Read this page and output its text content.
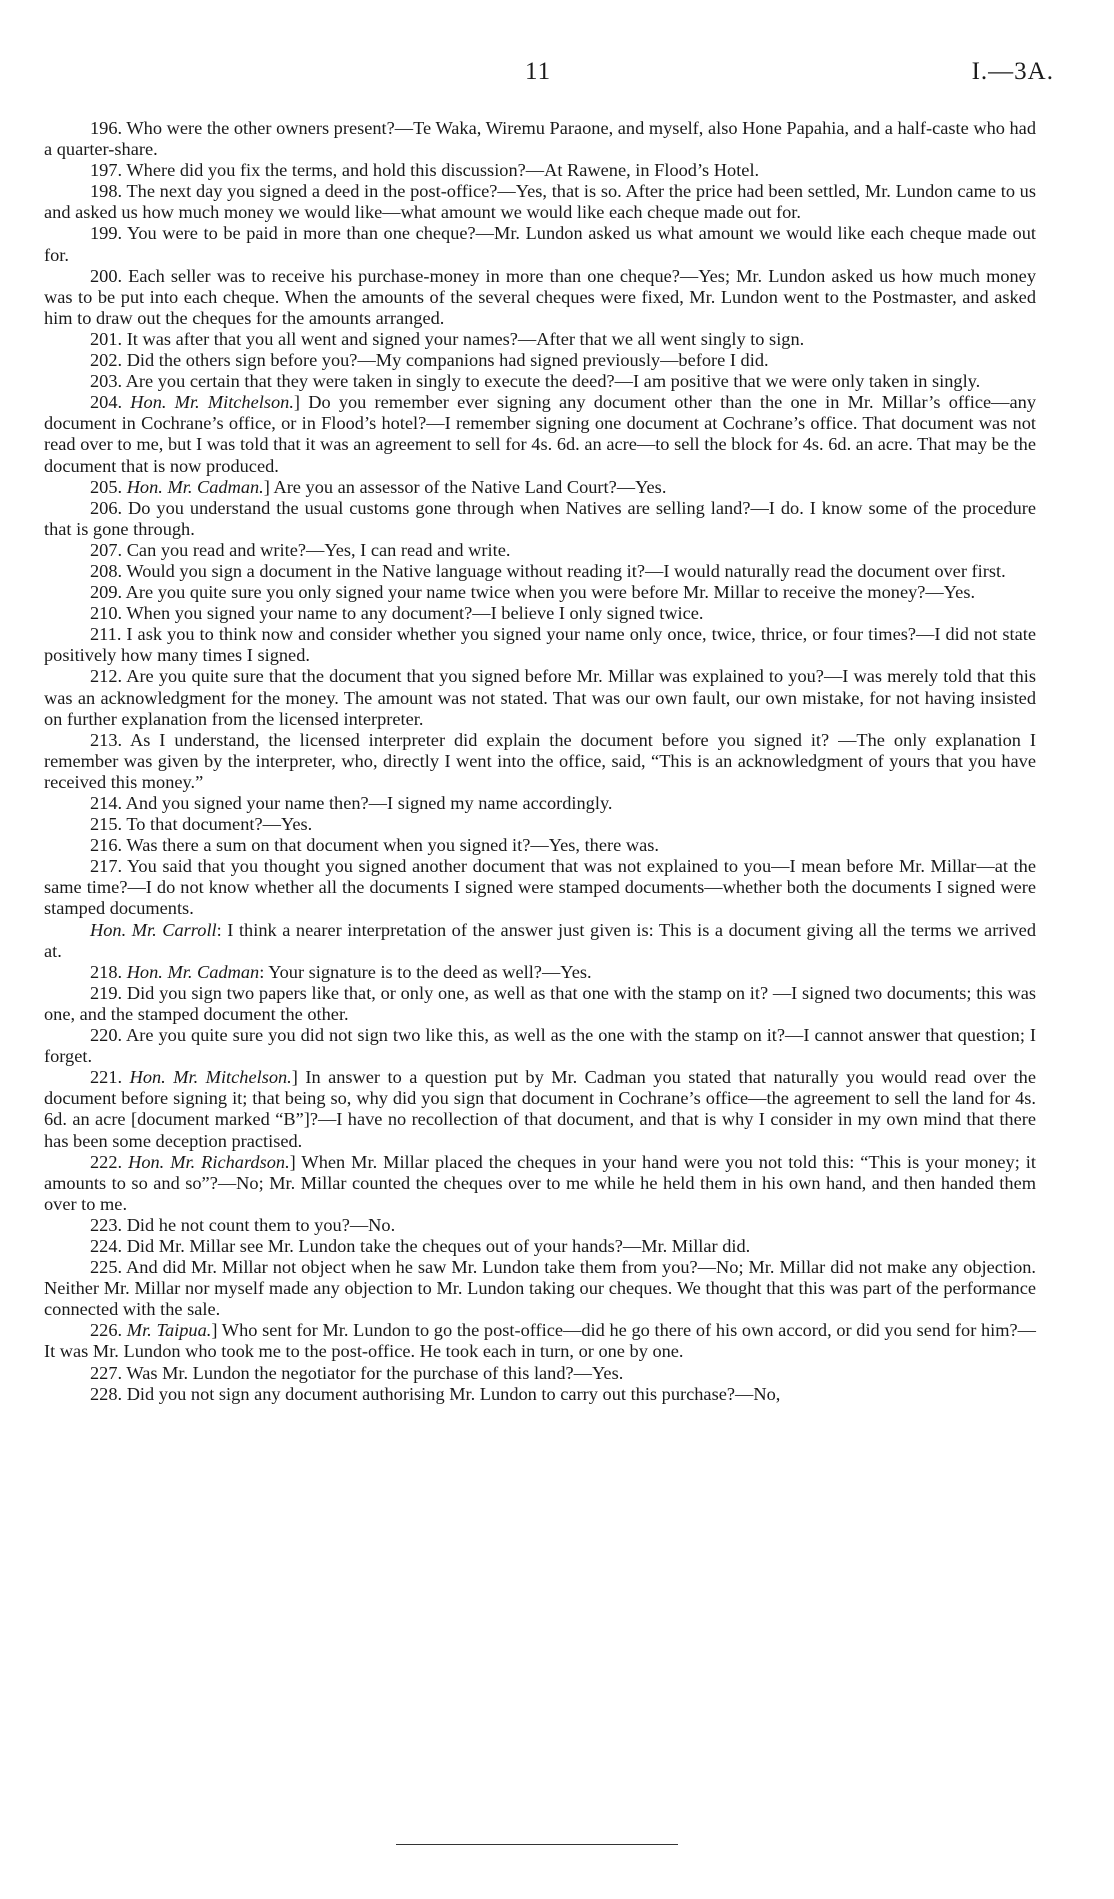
11	I.—3A.

196. Who were the other owners present?—Te Waka, Wiremu Paraone, and myself, also Hone Papahia, and a half-caste who had a quarter-share.

197. Where did you fix the terms, and hold this discussion?—At Rawene, in Flood’s Hotel.

198. The next day you signed a deed in the post-office?—Yes, that is so. After the price had been settled, Mr. Lundon came to us and asked us how much money we would like—what amount we would like each cheque made out for.

199. You were to be paid in more than one cheque?—Mr. Lundon asked us what amount we would like each cheque made out for.

200. Each seller was to receive his purchase-money in more than one cheque?—Yes; Mr. Lundon asked us how much money was to be put into each cheque. When the amounts of the several cheques were fixed, Mr. Lundon went to the Postmaster, and asked him to draw out the cheques for the amounts arranged.

201. It was after that you all went and signed your names?—After that we all went singly to sign.

202. Did the others sign before you?—My companions had signed previously—before I did.

203. Are you certain that they were taken in singly to execute the deed?—I am positive that we were only taken in singly.

204. Hon. Mr. Mitchelson.] Do you remember ever signing any document other than the one in Mr. Millar’s office—any document in Cochrane’s office, or in Flood’s hotel?—I remember signing one document at Cochrane’s office. That document was not read over to me, but I was told that it was an agreement to sell for 4s. 6d. an acre—to sell the block for 4s. 6d. an acre. That may be the document that is now produced.

205. Hon. Mr. Cadman.] Are you an assessor of the Native Land Court?—Yes.

206. Do you understand the usual customs gone through when Natives are selling land?—I do. I know some of the procedure that is gone through.

207. Can you read and write?—Yes, I can read and write.

208. Would you sign a document in the Native language without reading it?—I would naturally read the document over first.

209. Are you quite sure you only signed your name twice when you were before Mr. Millar to receive the money?—Yes.

210. When you signed your name to any document?—I believe I only signed twice.

211. I ask you to think now and consider whether you signed your name only once, twice, thrice, or four times?—I did not state positively how many times I signed.

212. Are you quite sure that the document that you signed before Mr. Millar was explained to you?—I was merely told that this was an acknowledgment for the money. The amount was not stated. That was our own fault, our own mistake, for not having insisted on further explanation from the licensed interpreter.

213. As I understand, the licensed interpreter did explain the document before you signed it? —The only explanation I remember was given by the interpreter, who, directly I went into the office, said, “This is an acknowledgment of yours that you have received this money.”

214. And you signed your name then?—I signed my name accordingly.

215. To that document?—Yes.

216. Was there a sum on that document when you signed it?—Yes, there was.

217. You said that you thought you signed another document that was not explained to you—I mean before Mr. Millar—at the same time?—I do not know whether all the documents I signed were stamped documents—whether both the documents I signed were stamped documents.

Hon. Mr. Carroll: I think a nearer interpretation of the answer just given is: This is a document giving all the terms we arrived at.

218. Hon. Mr. Cadman: Your signature is to the deed as well?—Yes.

219. Did you sign two papers like that, or only one, as well as that one with the stamp on it? —I signed two documents; this was one, and the stamped document the other.

220. Are you quite sure you did not sign two like this, as well as the one with the stamp on it?—I cannot answer that question; I forget.

221. Hon. Mr. Mitchelson.] In answer to a question put by Mr. Cadman you stated that naturally you would read over the document before signing it; that being so, why did you sign that document in Cochrane’s office—the agreement to sell the land for 4s. 6d. an acre [document marked “B”]?—I have no recollection of that document, and that is why I consider in my own mind that there has been some deception practised.

222. Hon. Mr. Richardson.] When Mr. Millar placed the cheques in your hand were you not told this: “This is your money; it amounts to so and so”?—No; Mr. Millar counted the cheques over to me while he held them in his own hand, and then handed them over to me.

223. Did he not count them to you?—No.

224. Did Mr. Millar see Mr. Lundon take the cheques out of your hands?—Mr. Millar did.

225. And did Mr. Millar not object when he saw Mr. Lundon take them from you?—No; Mr. Millar did not make any objection. Neither Mr. Millar nor myself made any objection to Mr. Lundon taking our cheques. We thought that this was part of the performance connected with the sale.

226. Mr. Taipua.] Who sent for Mr. Lundon to go the post-office—did he go there of his own accord, or did you send for him?—It was Mr. Lundon who took me to the post-office. He took each in turn, or one by one.

227. Was Mr. Lundon the negotiator for the purchase of this land?—Yes.

228. Did you not sign any document authorising Mr. Lundon to carry out this purchase?—No,
